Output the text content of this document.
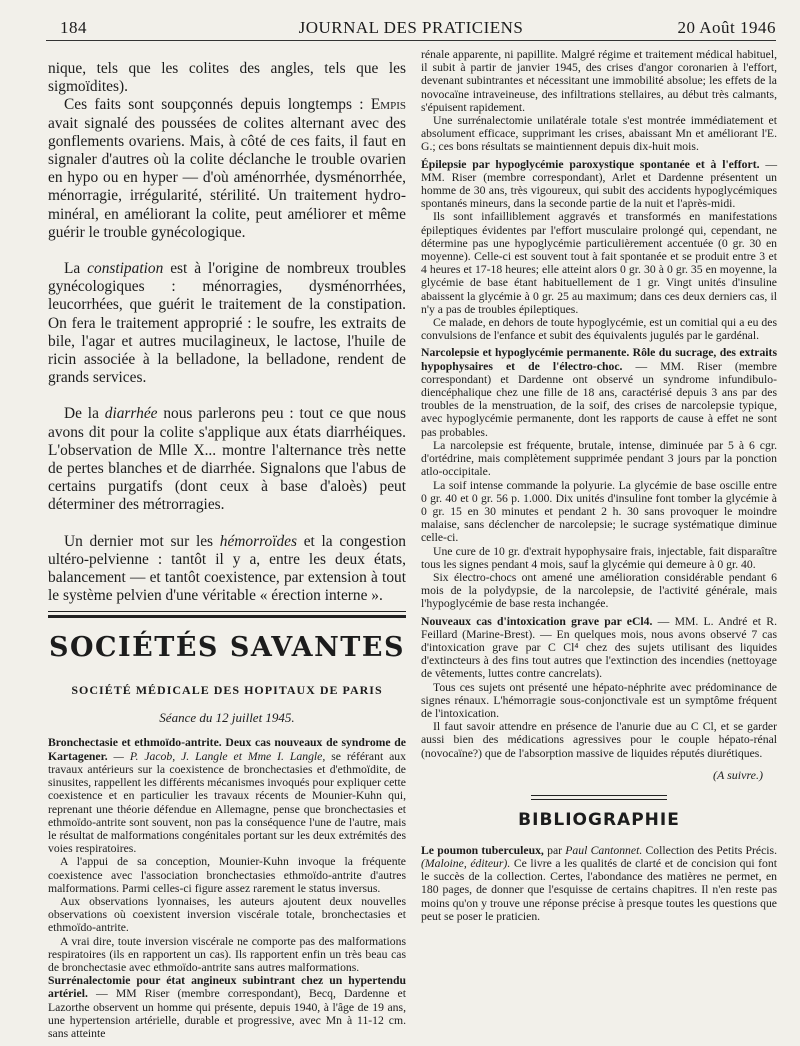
184	JOURNAL DES PRATICIENS	20 Août 1946

nique, tels que les colites des angles, tels que les sigmoïdites).

Ces faits sont soupçonnés depuis longtemps : Empis avait signalé des poussées de colites alternant avec des gonflements ovariens. Mais, à côté de ces faits, il faut en signaler d'autres où la colite déclanche le trouble ovarien en hypo ou en hyper — d'où aménorrhée, dysménorrhée, ménorragie, irrégularité, stérilité. Un traitement hydro-minéral, en améliorant la colite, peut améliorer et même guérir le trouble gynécologique.

La constipation est à l'origine de nombreux troubles gynécologiques : ménorragies, dysménorrhées, leucorrhées, que guérit le traitement de la constipation. On fera le traitement approprié : le soufre, les extraits de bile, l'agar et autres mucilagineux, le lactose, l'huile de ricin associée à la belladone, la belladone, rendent de grands services.

De la diarrhée nous parlerons peu : tout ce que nous avons dit pour la colite s'applique aux états diarrhéiques. L'observation de Mlle X... montre l'alternance très nette de pertes blanches et de diarrhée. Signalons que l'abus de certains purgatifs (dont ceux à base d'aloès) peut déterminer des métrorragies.

Un dernier mot sur les hémorroïdes et la congestion ultéro-pelvienne : tantôt il y a, entre les deux états, balancement — et tantôt coexistence, par extension à tout le système pelvien d'une véritable « érection interne ».

SOCIÉTÉS SAVANTES
SOCIÉTÉ MÉDICALE DES HOPITAUX DE PARIS
Séance du 12 juillet 1945.

Bronchectasie et ethmoïdo-antrite. Deux cas nouveaux de syndrome de Kartagener. — P. Jacob, J. Langle et Mme I. Langle, se référant aux travaux antérieurs sur la coexistence de bronchectasies et d'ethmoïdite, de sinusites, rappellent les différents mécanismes invoqués pour expliquer cette coexistence et en particulier les travaux récents de Mounier-Kuhn qui, reprenant une théorie défendue en Allemagne, pense que bronchectasies et ethmoïdo-antrite sont souvent, non pas la conséquence l'une de l'autre, mais le résultat de malformations congénitales portant sur les deux extrémités des voies respiratoires.

A l'appui de sa conception, Mounier-Kuhn invoque la fréquente coexistence avec l'association bronchectasies ethmoïdo-antrite d'autres malformations. Parmi celles-ci figure assez rarement le status inversus.

Aux observations lyonnaises, les auteurs ajoutent deux nouvelles observations où coexistent inversion viscérale totale, bronchectasies et ethmoïdo-antrite.

A vrai dire, toute inversion viscérale ne comporte pas des malformations respiratoires (ils en rapportent un cas). Ils rapportent enfin un très beau cas de bronchectasie avec ethmoïdo-antrite sans autres malformations.

Surrénalectomie pour état angineux subintrant chez un hypertendu artériel. — MM Riser (membre correspondant), Becq, Dardenne et Lazorthe observent un homme qui présente, depuis 1940, à l'âge de 19 ans, une hypertension artérielle, durable et progressive, avec Mn à 11-12 cm. sans atteinte

rénale apparente, ni papillite. Malgré régime et traitement médical habituel, il subit à partir de janvier 1945, des crises d'angor coronarien à l'effort, devenant subintrantes et nécessitant une immobilité absolue; les effets de la novocaïne intraveineuse, des infiltrations stellaires, au début très calmants, s'épuisent rapidement.

Une surrénalectomie unilatérale totale s'est montrée immédiatement et absolument efficace, supprimant les crises, abaissant Mn et améliorant l'E. G.; ces bons résultats se maintiennent depuis dix-huit mois.

Épilepsie par hypoglycémie paroxystique spontanée et à l'effort. — MM. Riser (membre correspondant), Arlet et Dardenne présentent un homme de 30 ans, très vigoureux, qui subit des accidents hypoglycémiques spontanés mineurs, dans la seconde partie de la nuit et l'après-midi.

Ils sont infailliblement aggravés et transformés en manifestations épileptiques évidentes par l'effort musculaire prolongé qui, cependant, ne détermine pas une hypoglycémie particulièrement accentuée (0 gr. 30 en moyenne). Celle-ci est souvent tout à fait spontanée et se produit entre 3 et 4 heures et 17-18 heures; elle atteint alors 0 gr. 30 à 0 gr. 35 en moyenne, la glycémie de base étant habituellement de 1 gr. Vingt unités d'insuline abaissent la glycémie à 0 gr. 25 au maximum; dans ces deux derniers cas, il n'y a pas de troubles épileptiques.

Ce malade, en dehors de toute hypoglycémie, est un comitial qui a eu des convulsions de l'enfance et subit des équivalents jugulés par le gardénal.

Narcolepsie et hypoglycémie permanente. Rôle du sucrage, des extraits hypophysaires et de l'électro-choc. — MM. Riser (membre correspondant) et Dardenne ont observé un syndrome infundibulo-diencéphalique chez une fille de 18 ans, caractérisé depuis 3 ans par des troubles de la menstruation, de la soif, des crises de narcolepsie typique, avec hypoglycémie permanente, dont les rapports de cause à effet ne sont pas probables.

La narcolepsie est fréquente, brutale, intense, diminuée par 5 à 6 cgr. d'ortédrine, mais complètement supprimée pendant 3 jours par la ponction atlo-occipitale.

La soif intense commande la polyurie. La glycémie de base oscille entre 0 gr. 40 et 0 gr. 56 p. 1.000. Dix unités d'insuline font tomber la glycémie à 0 gr. 15 en 30 minutes et pendant 2 h. 30 sans provoquer le moindre malaise, sans déclencher de narcolepsie; le sucrage systématique diminue celle-ci.

Une cure de 10 gr. d'extrait hypophysaire frais, injectable, fait disparaître tous les signes pendant 4 mois, sauf la glycémie qui demeure à 0 gr. 40.

Six électro-chocs ont amené une amélioration considérable pendant 6 mois de la polydypsie, de la narcolepsie, de l'activité générale, mais l'hypoglycémie de base resta inchangée.

Nouveaux cas d'intoxication grave par eCl4. — MM. L. André et R. Feillard (Marine-Brest). — En quelques mois, nous avons observé 7 cas d'intoxication grave par C Cl⁴ chez des sujets utilisant des liquides d'extincteurs à des fins tout autres que l'extinction des incendies (nettoyage de vêtements, luttes contre cancrelats).

Tous ces sujets ont présenté une hépato-néphrite avec prédominance de signes rénaux. L'hémorragie sous-conjonctivale est un symptôme fréquent de l'intoxication.

Il faut savoir attendre en présence de l'anurie due au C Cl, et se garder aussi bien des médications agressives pour le couple hépato-rénal (novocaïne?) que de l'absorption massive de liquides réputés diurétiques.

(A suivre.)
BIBLIOGRAPHIE

Le poumon tuberculeux, par Paul Cantonnet. Collection des Petits Précis. (Maloine, éditeur). Ce livre a les qualités de clarté et de concision qui font le succès de la collection. Certes, l'abondance des matières ne permet, en 180 pages, de donner que l'esquisse de certains chapitres. Il n'en reste pas moins qu'on y trouve une réponse précise à presque toutes les questions que peut se poser le praticien.
